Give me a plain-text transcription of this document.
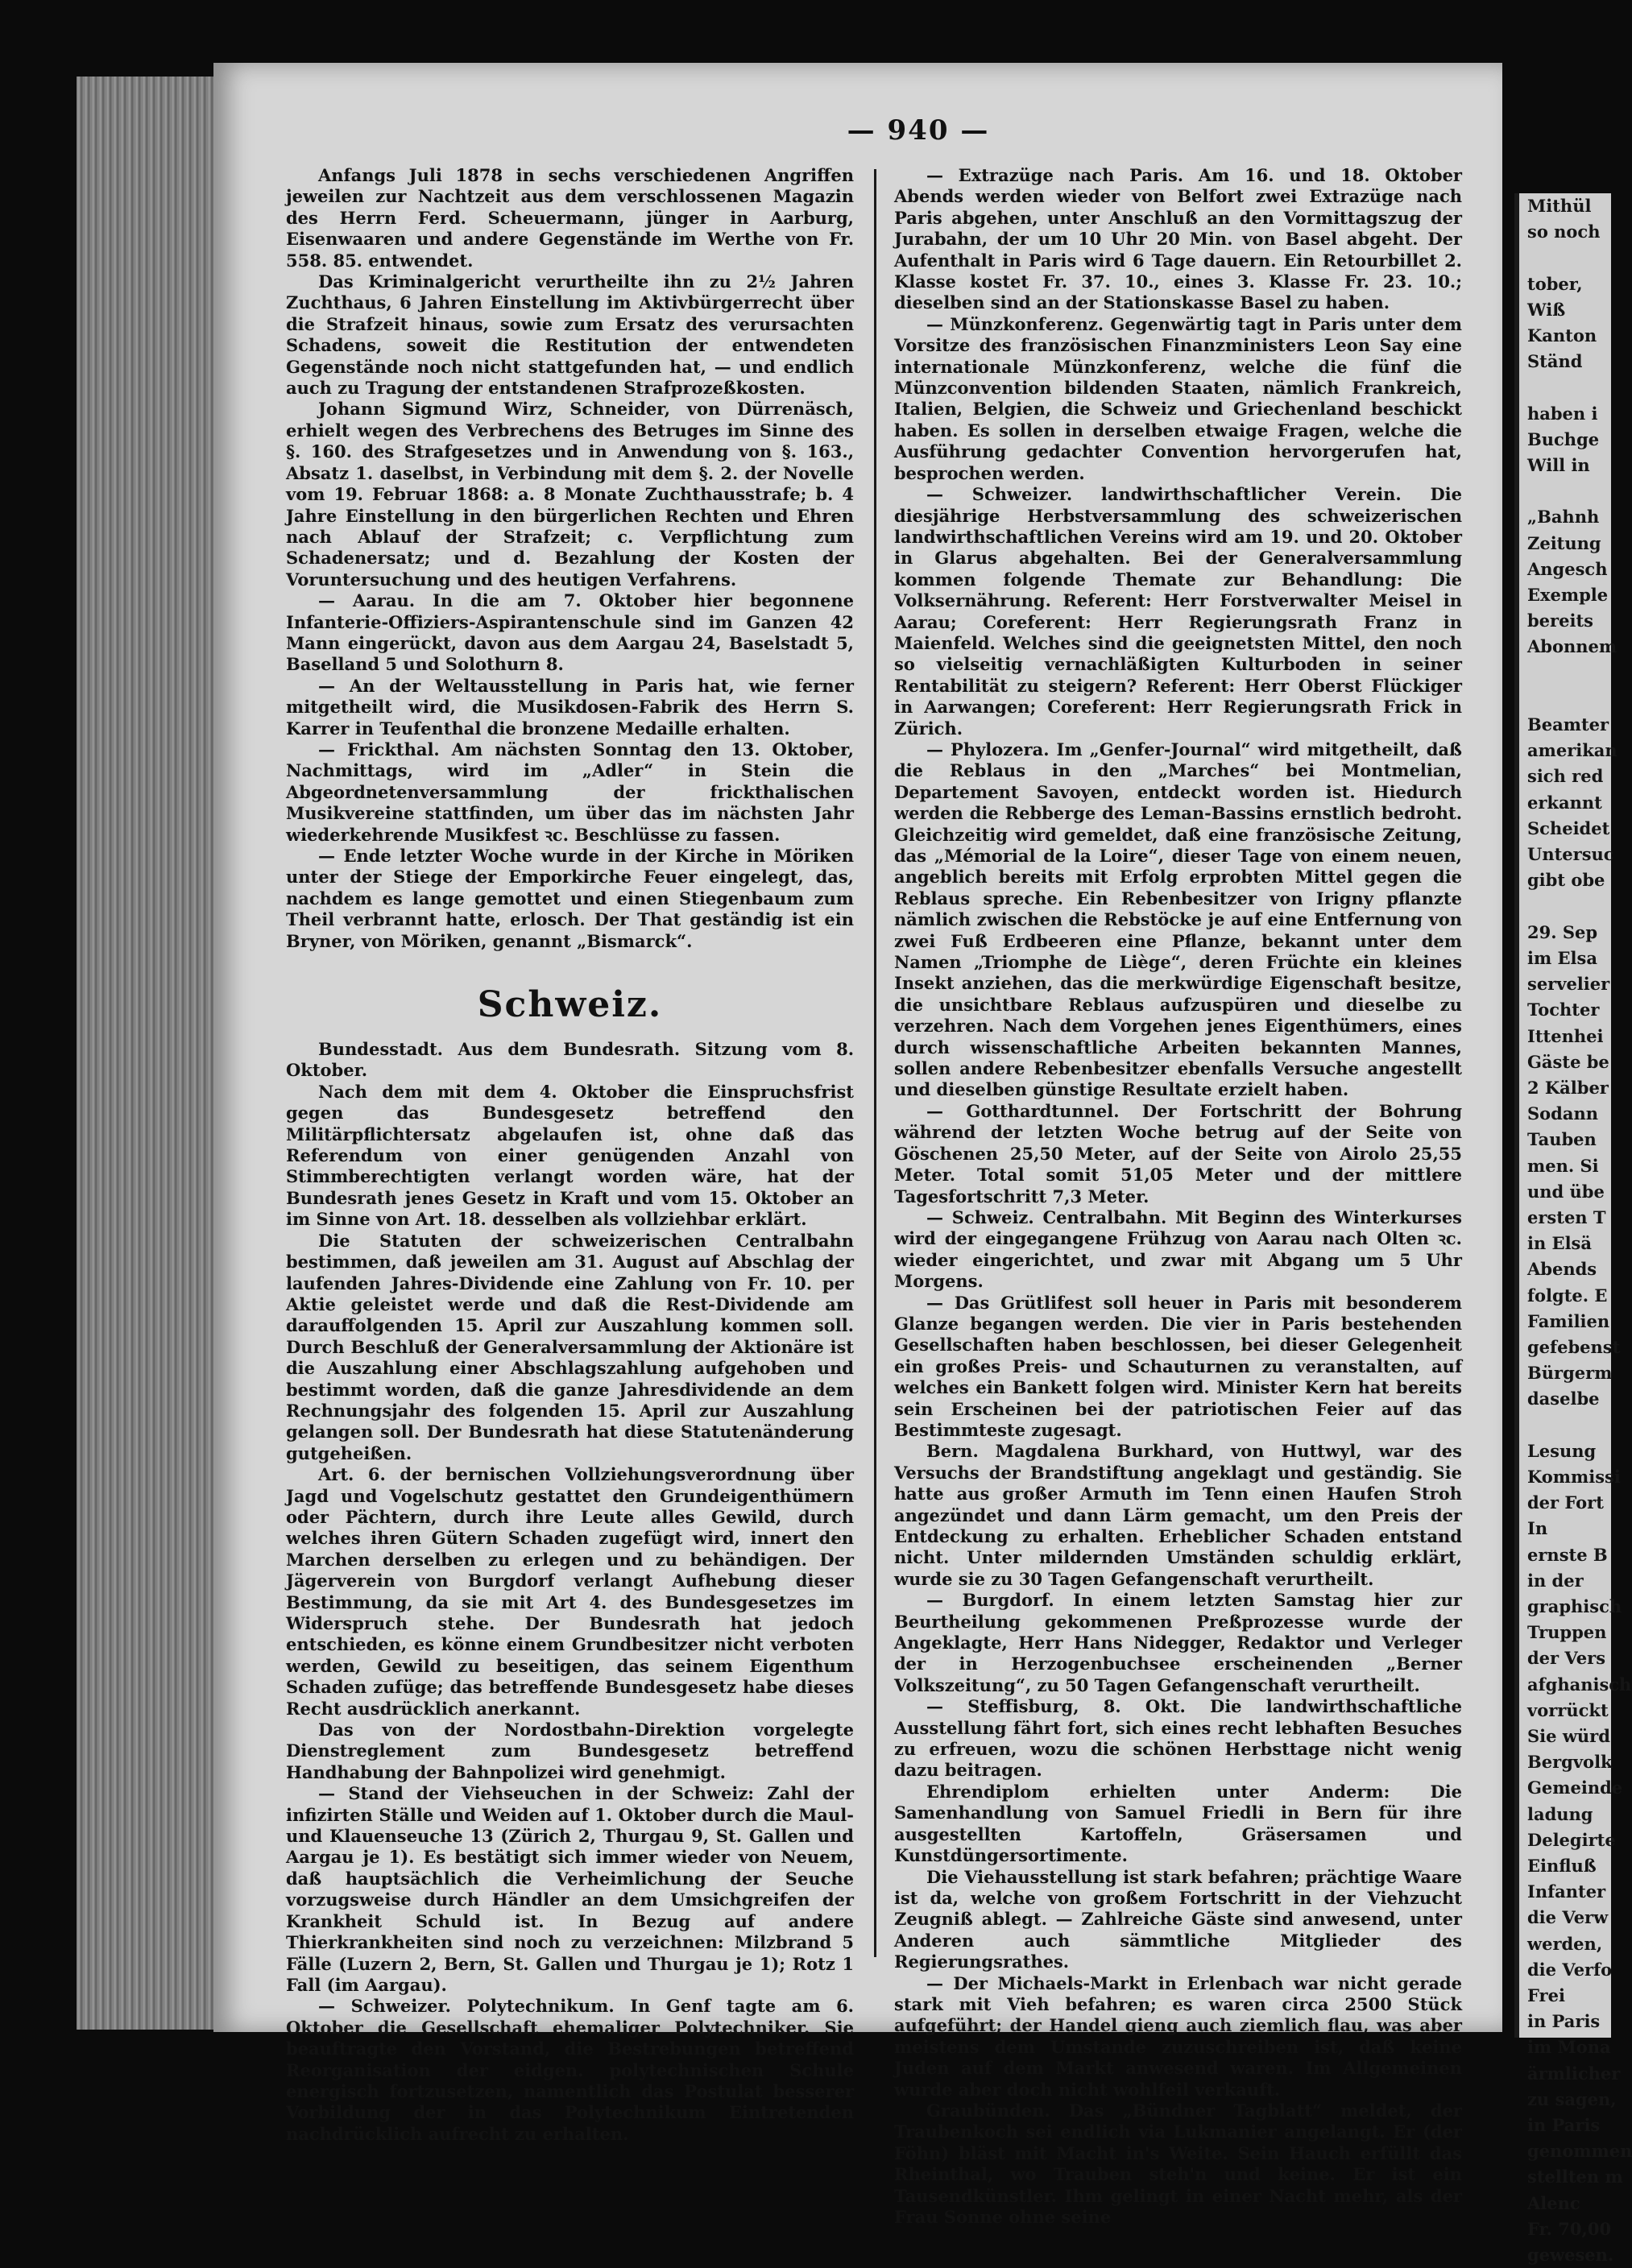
— 940 —

Anfangs Juli 1878 in sechs verschiedenen Angriffen jeweilen zur Nachtzeit aus dem verschlossenen Magazin des Herrn Ferd. Scheuermann, jünger in Aarburg, Eisenwaaren und andere Gegenstände im Werthe von Fr. 558. 85. entwendet.

Das Kriminalgericht verurtheilte ihn zu 2½ Jahren Zuchthaus, 6 Jahren Einstellung im Aktivbürgerrecht über die Strafzeit hinaus, sowie zum Ersatz des verursachten Schadens, soweit die Restitution der entwendeten Gegenstände noch nicht stattgefunden hat, — und endlich auch zu Tragung der entstandenen Strafprozeßkosten.

Johann Sigmund Wirz, Schneider, von Dürrenäsch, erhielt wegen des Verbrechens des Betruges im Sinne des §. 160. des Strafgesetzes und in Anwendung von §. 163., Absatz 1. daselbst, in Verbindung mit dem §. 2. der Novelle vom 19. Februar 1868: a. 8 Monate Zuchthausstrafe; b. 4 Jahre Einstellung in den bürgerlichen Rechten und Ehren nach Ablauf der Strafzeit; c. Verpflichtung zum Schadenersatz; und d. Bezahlung der Kosten der Voruntersuchung und des heutigen Verfahrens.

— Aarau. In die am 7. Oktober hier begonnene Infanterie-Offiziers-Aspirantenschule sind im Ganzen 42 Mann eingerückt, davon aus dem Aargau 24, Baselstadt 5, Baselland 5 und Solothurn 8.

— An der Weltausstellung in Paris hat, wie ferner mitgetheilt wird, die Musikdosen-Fabrik des Herrn S. Karrer in Teufenthal die bronzene Medaille erhalten.

— Frickthal. Am nächsten Sonntag den 13. Oktober, Nachmittags, wird im „Adler“ in Stein die Abgeordnetenversammlung der frickthalischen Musikvereine stattfinden, um über das im nächsten Jahr wiederkehrende Musikfest ꝛc. Beschlüsse zu fassen.

— Ende letzter Woche wurde in der Kirche in Möriken unter der Stiege der Emporkirche Feuer eingelegt, das, nachdem es lange gemottet und einen Stiegenbaum zum Theil verbrannt hatte, erlosch. Der That geständig ist ein Bryner, von Möriken, genannt „Bismarck“.

Schweiz.

Bundesstadt. Aus dem Bundesrath. Sitzung vom 8. Oktober.

Nach dem mit dem 4. Oktober die Einspruchsfrist gegen das Bundesgesetz betreffend den Militärpflichtersatz abgelaufen ist, ohne daß das Referendum von einer genügenden Anzahl von Stimmberechtigten verlangt worden wäre, hat der Bundesrath jenes Gesetz in Kraft und vom 15. Oktober an im Sinne von Art. 18. desselben als vollziehbar erklärt.

Die Statuten der schweizerischen Centralbahn bestimmen, daß jeweilen am 31. August auf Abschlag der laufenden Jahres-Dividende eine Zahlung von Fr. 10. per Aktie geleistet werde und daß die Rest-Dividende am darauffolgenden 15. April zur Auszahlung kommen soll. Durch Beschluß der Generalversammlung der Aktionäre ist die Auszahlung einer Abschlagszahlung aufgehoben und bestimmt worden, daß die ganze Jahresdividende an dem Rechnungsjahr des folgenden 15. April zur Auszahlung gelangen soll. Der Bundesrath hat diese Statutenänderung gutgeheißen.

Art. 6. der bernischen Vollziehungsverordnung über Jagd und Vogelschutz gestattet den Grundeigenthümern oder Pächtern, durch ihre Leute alles Gewild, durch welches ihren Gütern Schaden zugefügt wird, innert den Marchen derselben zu erlegen und zu behändigen. Der Jägerverein von Burgdorf verlangt Aufhebung dieser Bestimmung, da sie mit Art 4. des Bundesgesetzes im Widerspruch stehe. Der Bundesrath hat jedoch entschieden, es könne einem Grundbesitzer nicht verboten werden, Gewild zu beseitigen, das seinem Eigenthum Schaden zufüge; das betreffende Bundesgesetz habe dieses Recht ausdrücklich anerkannt.

Das von der Nordostbahn-Direktion vorgelegte Dienstreglement zum Bundesgesetz betreffend Handhabung der Bahnpolizei wird genehmigt.

— Stand der Viehseuchen in der Schweiz: Zahl der infizirten Ställe und Weiden auf 1. Oktober durch die Maul- und Klauenseuche 13 (Zürich 2, Thurgau 9, St. Gallen und Aargau je 1). Es bestätigt sich immer wieder von Neuem, daß hauptsächlich die Verheimlichung der Seuche vorzugsweise durch Händler an dem Umsichgreifen der Krankheit Schuld ist. In Bezug auf andere Thierkrankheiten sind noch zu verzeichnen: Milzbrand 5 Fälle (Luzern 2, Bern, St. Gallen und Thurgau je 1); Rotz 1 Fall (im Aargau).

— Schweizer. Polytechnikum. In Genf tagte am 6. Oktober die Gesellschaft ehemaliger Polytechniker. Sie beauftragte den Vorstand, die Bestrebungen betreffend Reorganisation der eidgen. polytechnischen Schule energisch fortzusetzen, namentlich das Postulat besserer Vorbildung der in das Polytechnikum Eintretenden nachdrücklich aufrecht zu erhalten.

— Extrazüge nach Paris. Am 16. und 18. Oktober Abends werden wieder von Belfort zwei Extrazüge nach Paris abgehen, unter Anschluß an den Vormittagszug der Jurabahn, der um 10 Uhr 20 Min. von Basel abgeht. Der Aufenthalt in Paris wird 6 Tage dauern. Ein Retourbillet 2. Klasse kostet Fr. 37. 10., eines 3. Klasse Fr. 23. 10.; dieselben sind an der Stationskasse Basel zu haben.

— Münzkonferenz. Gegenwärtig tagt in Paris unter dem Vorsitze des französischen Finanzministers Leon Say eine internationale Münzkonferenz, welche die fünf die Münzconvention bildenden Staaten, nämlich Frankreich, Italien, Belgien, die Schweiz und Griechenland beschickt haben. Es sollen in derselben etwaige Fragen, welche die Ausführung gedachter Convention hervorgerufen hat, besprochen werden.

— Schweizer. landwirthschaftlicher Verein. Die diesjährige Herbstversammlung des schweizerischen landwirthschaftlichen Vereins wird am 19. und 20. Oktober in Glarus abgehalten. Bei der Generalversammlung kommen folgende Themate zur Behandlung: Die Volksernährung. Referent: Herr Forstverwalter Meisel in Aarau; Coreferent: Herr Regierungsrath Franz in Maienfeld. Welches sind die geeignetsten Mittel, den noch so vielseitig vernachläßigten Kulturboden in seiner Rentabilität zu steigern? Referent: Herr Oberst Flückiger in Aarwangen; Coreferent: Herr Regierungsrath Frick in Zürich.

— Phylozera. Im „Genfer-Journal“ wird mitgetheilt, daß die Reblaus in den „Marches“ bei Montmelian, Departement Savoyen, entdeckt worden ist. Hiedurch werden die Rebberge des Leman-Bassins ernstlich bedroht. Gleichzeitig wird gemeldet, daß eine französische Zeitung, das „Mémorial de la Loire“, dieser Tage von einem neuen, angeblich bereits mit Erfolg erprobten Mittel gegen die Reblaus spreche. Ein Rebenbesitzer von Irigny pflanzte nämlich zwischen die Rebstöcke je auf eine Entfernung von zwei Fuß Erdbeeren eine Pflanze, bekannt unter dem Namen „Triomphe de Liège“, deren Früchte ein kleines Insekt anziehen, das die merkwürdige Eigenschaft besitze, die unsichtbare Reblaus aufzuspüren und dieselbe zu verzehren. Nach dem Vorgehen jenes Eigenthümers, eines durch wissenschaftliche Arbeiten bekannten Mannes, sollen andere Rebenbesitzer ebenfalls Versuche angestellt und dieselben günstige Resultate erzielt haben.

— Gotthardtunnel. Der Fortschritt der Bohrung während der letzten Woche betrug auf der Seite von Göschenen 25,50 Meter, auf der Seite von Airolo 25,55 Meter. Total somit 51,05 Meter und der mittlere Tagesfortschritt 7,3 Meter.

— Schweiz. Centralbahn. Mit Beginn des Winterkurses wird der eingegangene Frühzug von Aarau nach Olten ꝛc. wieder eingerichtet, und zwar mit Abgang um 5 Uhr Morgens.

— Das Grütlifest soll heuer in Paris mit besonderem Glanze begangen werden. Die vier in Paris bestehenden Gesellschaften haben beschlossen, bei dieser Gelegenheit ein großes Preis- und Schauturnen zu veranstalten, auf welches ein Bankett folgen wird. Minister Kern hat bereits sein Erscheinen bei der patriotischen Feier auf das Bestimmteste zugesagt.

Bern. Magdalena Burkhard, von Huttwyl, war des Versuchs der Brandstiftung angeklagt und geständig. Sie hatte aus großer Armuth im Tenn einen Haufen Stroh angezündet und dann Lärm gemacht, um den Preis der Entdeckung zu erhalten. Erheblicher Schaden entstand nicht. Unter mildernden Umständen schuldig erklärt, wurde sie zu 30 Tagen Gefangenschaft verurtheilt.

— Burgdorf. In einem letzten Samstag hier zur Beurtheilung gekommenen Preßprozesse wurde der Angeklagte, Herr Hans Nidegger, Redaktor und Verleger der in Herzogenbuchsee erscheinenden „Berner Volkszeitung“, zu 50 Tagen Gefangenschaft verurtheilt.

— Steffisburg, 8. Okt. Die landwirthschaftliche Ausstellung fährt fort, sich eines recht lebhaften Besuches zu erfreuen, wozu die schönen Herbsttage nicht wenig dazu beitragen.

Ehrendiplom erhielten unter Anderm: Die Samenhandlung von Samuel Friedli in Bern für ihre ausgestellten Kartoffeln, Gräsersamen und Kunstdüngersortimente.

Die Viehausstellung ist stark befahren; prächtige Waare ist da, welche von großem Fortschritt in der Viehzucht Zeugniß ablegt. — Zahlreiche Gäste sind anwesend, unter Anderen auch sämmtliche Mitglieder des Regierungsrathes.

— Der Michaels-Markt in Erlenbach war nicht gerade stark mit Vieh befahren; es waren circa 2500 Stück aufgeführt; der Handel gieng auch ziemlich flau, was aber meistens dem Umstande zuzuschreiben ist, daß keine Juden auf dem Markt anwesend waren. Im Allgemeinen wurde aber doch nicht wohlfeil verkauft.

Graubünden. Das „Bündner Tagblatt“ meldet, der Traubenkoch sei endlich via Lukmanier angelangt. Er (der Föhn) bläst mit Macht in's Weite. Sein Hauch erfüllt das Rheinthal, wo Trauben steh'n und keine. Er ist ein Tausendkünstler. Ihm gelingt in einer Nacht mehr, als der Frau Sonne ohne seine

Mithül

so noch

tober,

Wiß

Kanton

Ständ

haben i

Buchge

Will in

„Bahnh

Zeitung

Angesch

Exemple

bereits

Abonnem

Beamter

amerikan

sich red

erkannt

Scheidet

Untersuc

gibt obe

29. Sep

im Elsa

servelier

Tochter

Ittenhei

Gäste be

2 Kälber

Sodann

Tauben

men. Si

und übe

ersten T

in Elsä

Abends

folgte. E

Familien

gefebenst

Bürgerm

daselbe

Lesung

Kommissi

der Fort

In

ernste B

in der

graphisch

Truppen

der Vers

afghanisch

vorrückt

Sie würd

Bergvolk

Gemeinde

ladung

Delegirte

Einfluß

Infanter

die Verw

werden,

die Verfo

Frei

in Paris

im Mona

ärmlicher

zu sagen,

in Paris

genommen

stellten m

Alenc

Fr. 70,00

gewesen.
